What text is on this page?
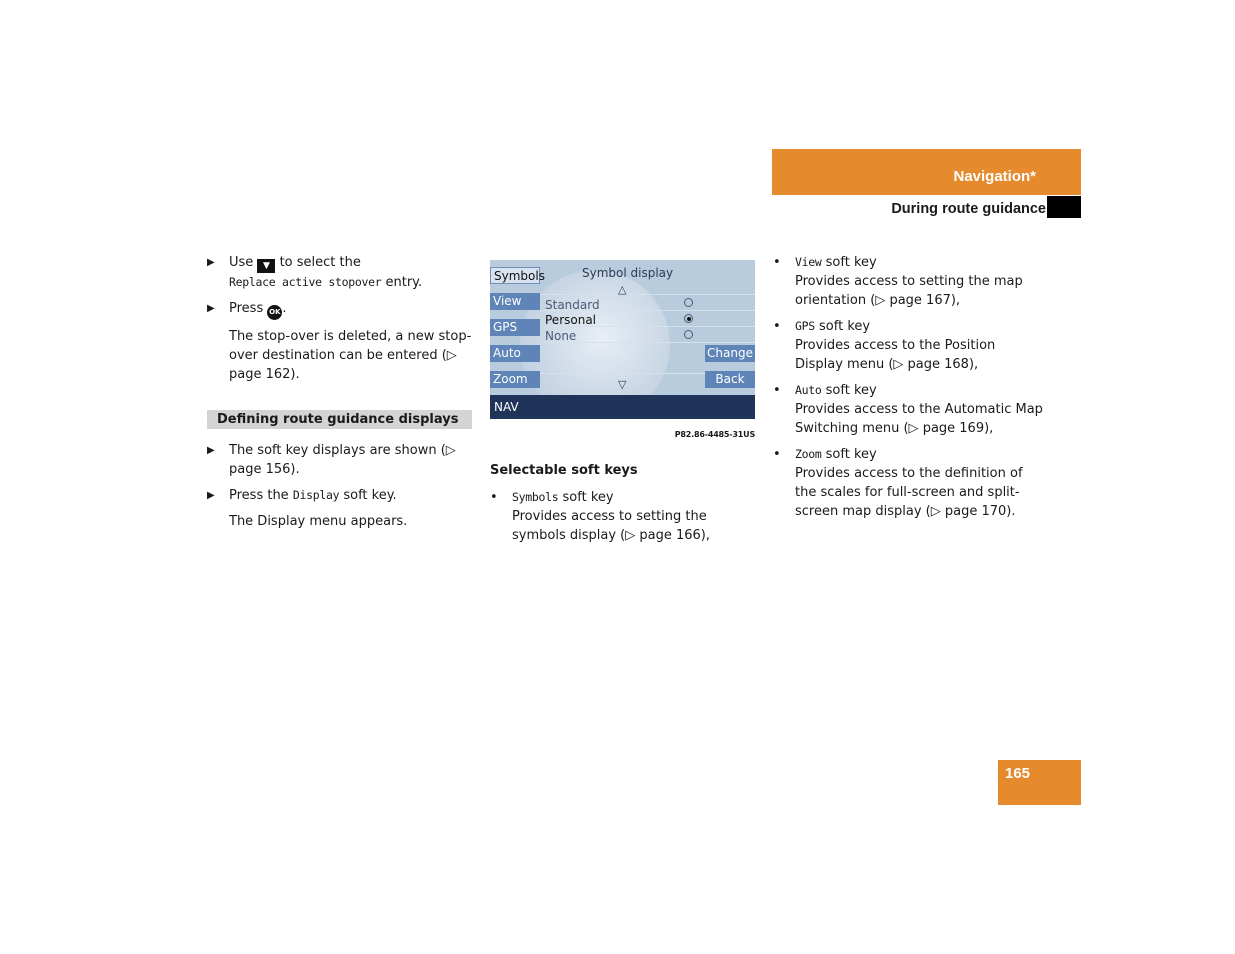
Navigation*
During route guidance
▶ Use ▼ to select the
Replace active stopover entry.
▶ Press OK .
The stop-over is deleted, a new stop-over destination can be entered (▷ page 162).
Defining route guidance displays
▶ The soft key displays are shown (▷ page 156).
▶ Press the Display soft key.
The Display menu appears.
Symbol display
△
▽
Symbols
View
GPS
Auto
Zoom
Change
Back
Standard
Personal
None
NAV
P82.86-4485-31US
Selectable soft keys
• Symbols soft key
Provides access to setting the symbols display (▷ page 166),
• View soft key
Provides access to setting the map orientation (▷ page 167),
• GPS soft key
Provides access to the Position Display menu (▷ page 168),
• Auto soft key
Provides access to the Automatic Map Switching menu (▷ page 169),
• Zoom soft key
Provides access to the definition of the scales for full-screen and split-screen map display (▷ page 170).
165
